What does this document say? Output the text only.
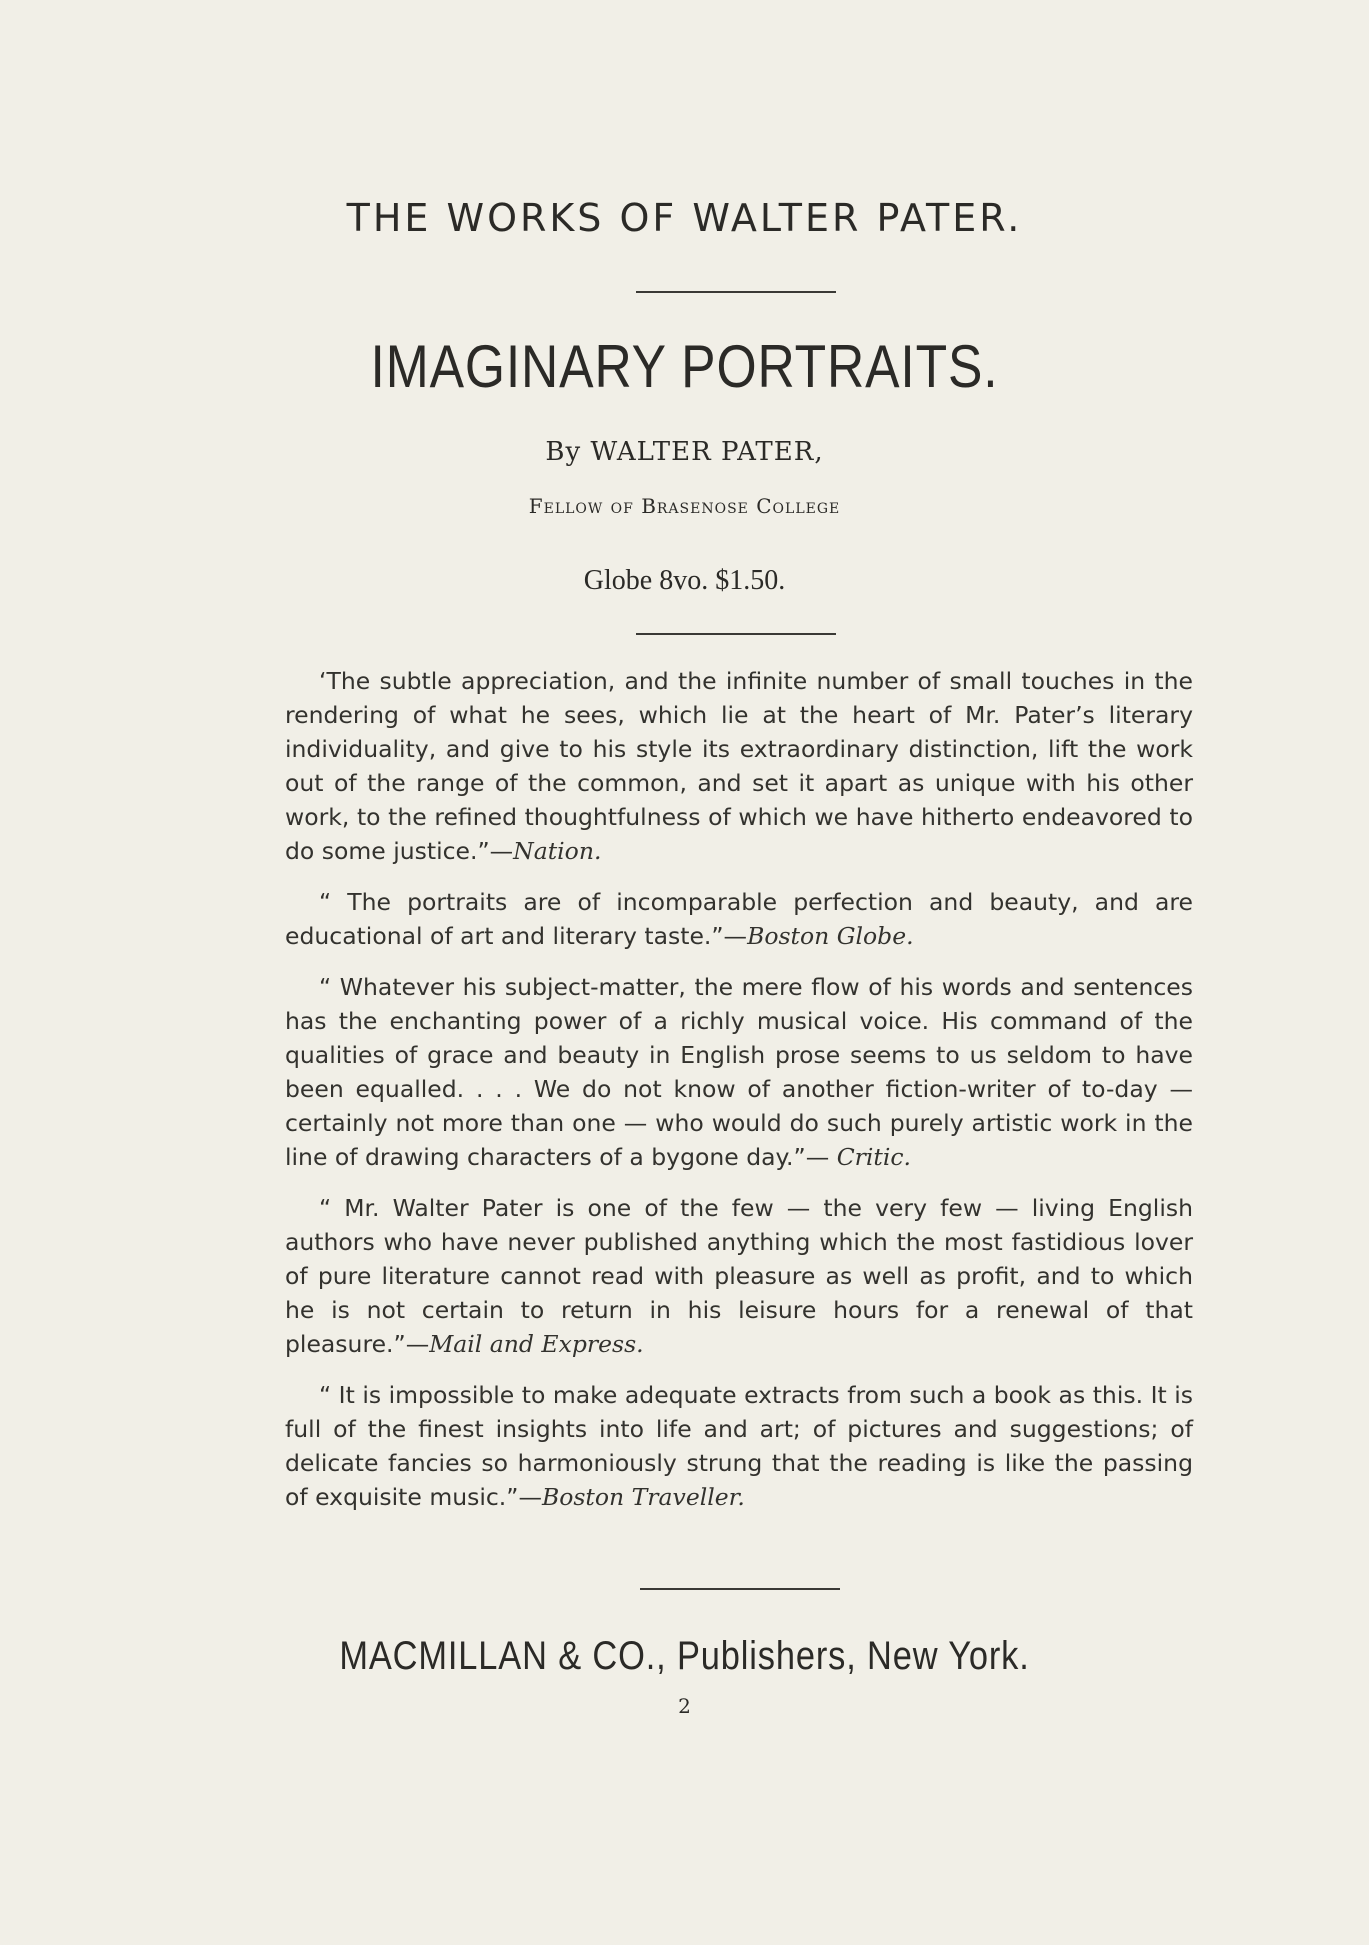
THE WORKS OF WALTER PATER.
IMAGINARY PORTRAITS.
By WALTER PATER,
Fellow of Brasenose College
Globe 8vo. $1.50.

‘The subtle appreciation, and the infinite number of small touches in the rendering of what he sees, which lie at the heart of Mr. Pater’s literary individuality, and give to his style its extraordinary distinction, lift the work out of the range of the common, and set it apart as unique with his other work, to the refined thoughtfulness of which we have hitherto endeavored to do some justice.”—Nation.

“ The portraits are of incomparable perfection and beauty, and are educational of art and literary taste.”—Boston Globe.

“ Whatever his subject-matter, the mere flow of his words and sentences has the enchanting power of a richly musical voice. His command of the qualities of grace and beauty in English prose seems to us seldom to have been equalled. . . . We do not know of another fiction-writer of to-day — certainly not more than one — who would do such purely artistic work in the line of drawing characters of a bygone day.”— Critic.

“ Mr. Walter Pater is one of the few — the very few — living English authors who have never published anything which the most fastidious lover of pure literature cannot read with pleasure as well as profit, and to which he is not certain to return in his leisure hours for a renewal of that pleasure.”—Mail and Express.

“ It is impossible to make adequate extracts from such a book as this. It is full of the finest insights into life and art; of pictures and suggestions; of delicate fancies so harmoniously strung that the reading is like the passing of exquisite music.”—Boston Traveller.

MACMILLAN & CO., Publishers, New York.
2
